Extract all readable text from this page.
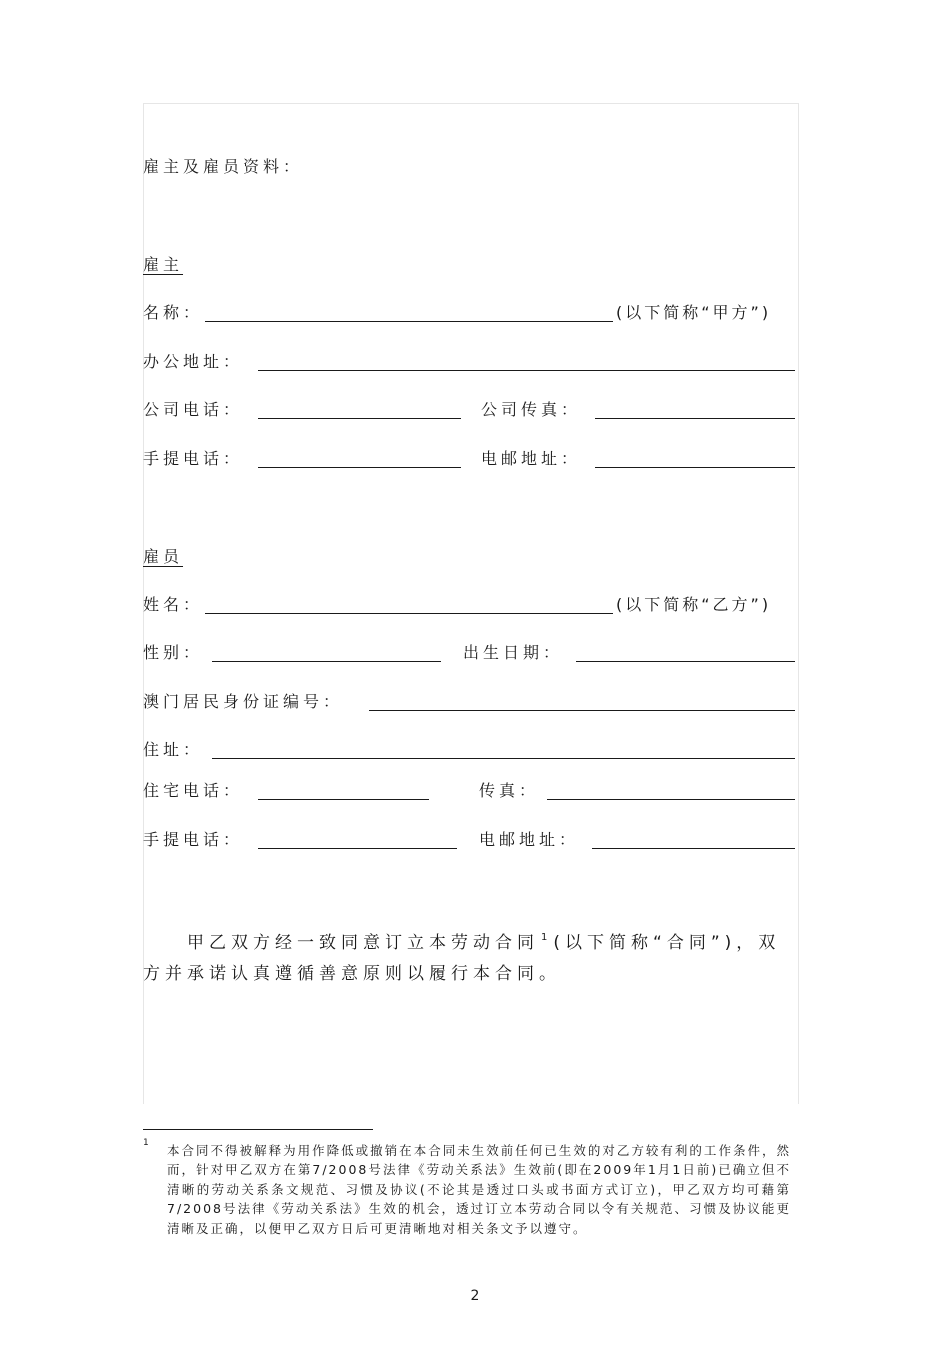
雇主及雇员资料：
雇主
名称：	(以下简称“甲方”)
办公地址：
公司电话：	公司传真：
手提电话：	电邮地址：
雇员
姓名：	(以下简称“乙方”)
性别：	出生日期：
澳门居民身份证编号：
住址：
住宅电话：	传真：
手提电话：	电邮地址：
甲乙双方经一致同意订立本劳动合同 $^1$ (以下简称“合同”)，双
方并承诺认真遵循善意原则以履行本合同。
1 本合同不得被解释为用作降低或撤销在本合同未生效前任何已生效的对乙方较有利的工作条件，然而，针对甲乙双方在第7/2008号法律《劳动关系法》生效前(即在2009年1月1日前)已确立但不清晰的劳动关系条文规范、习惯及协议(不论其是透过口头或书面方式订立)，甲乙双方均可藉第7/2008号法律《劳动关系法》生效的机会，透过订立本劳动合同以令有关规范、习惯及协议能更清晰及正确，以便甲乙双方日后可更清晰地对相关条文予以遵守。
2
